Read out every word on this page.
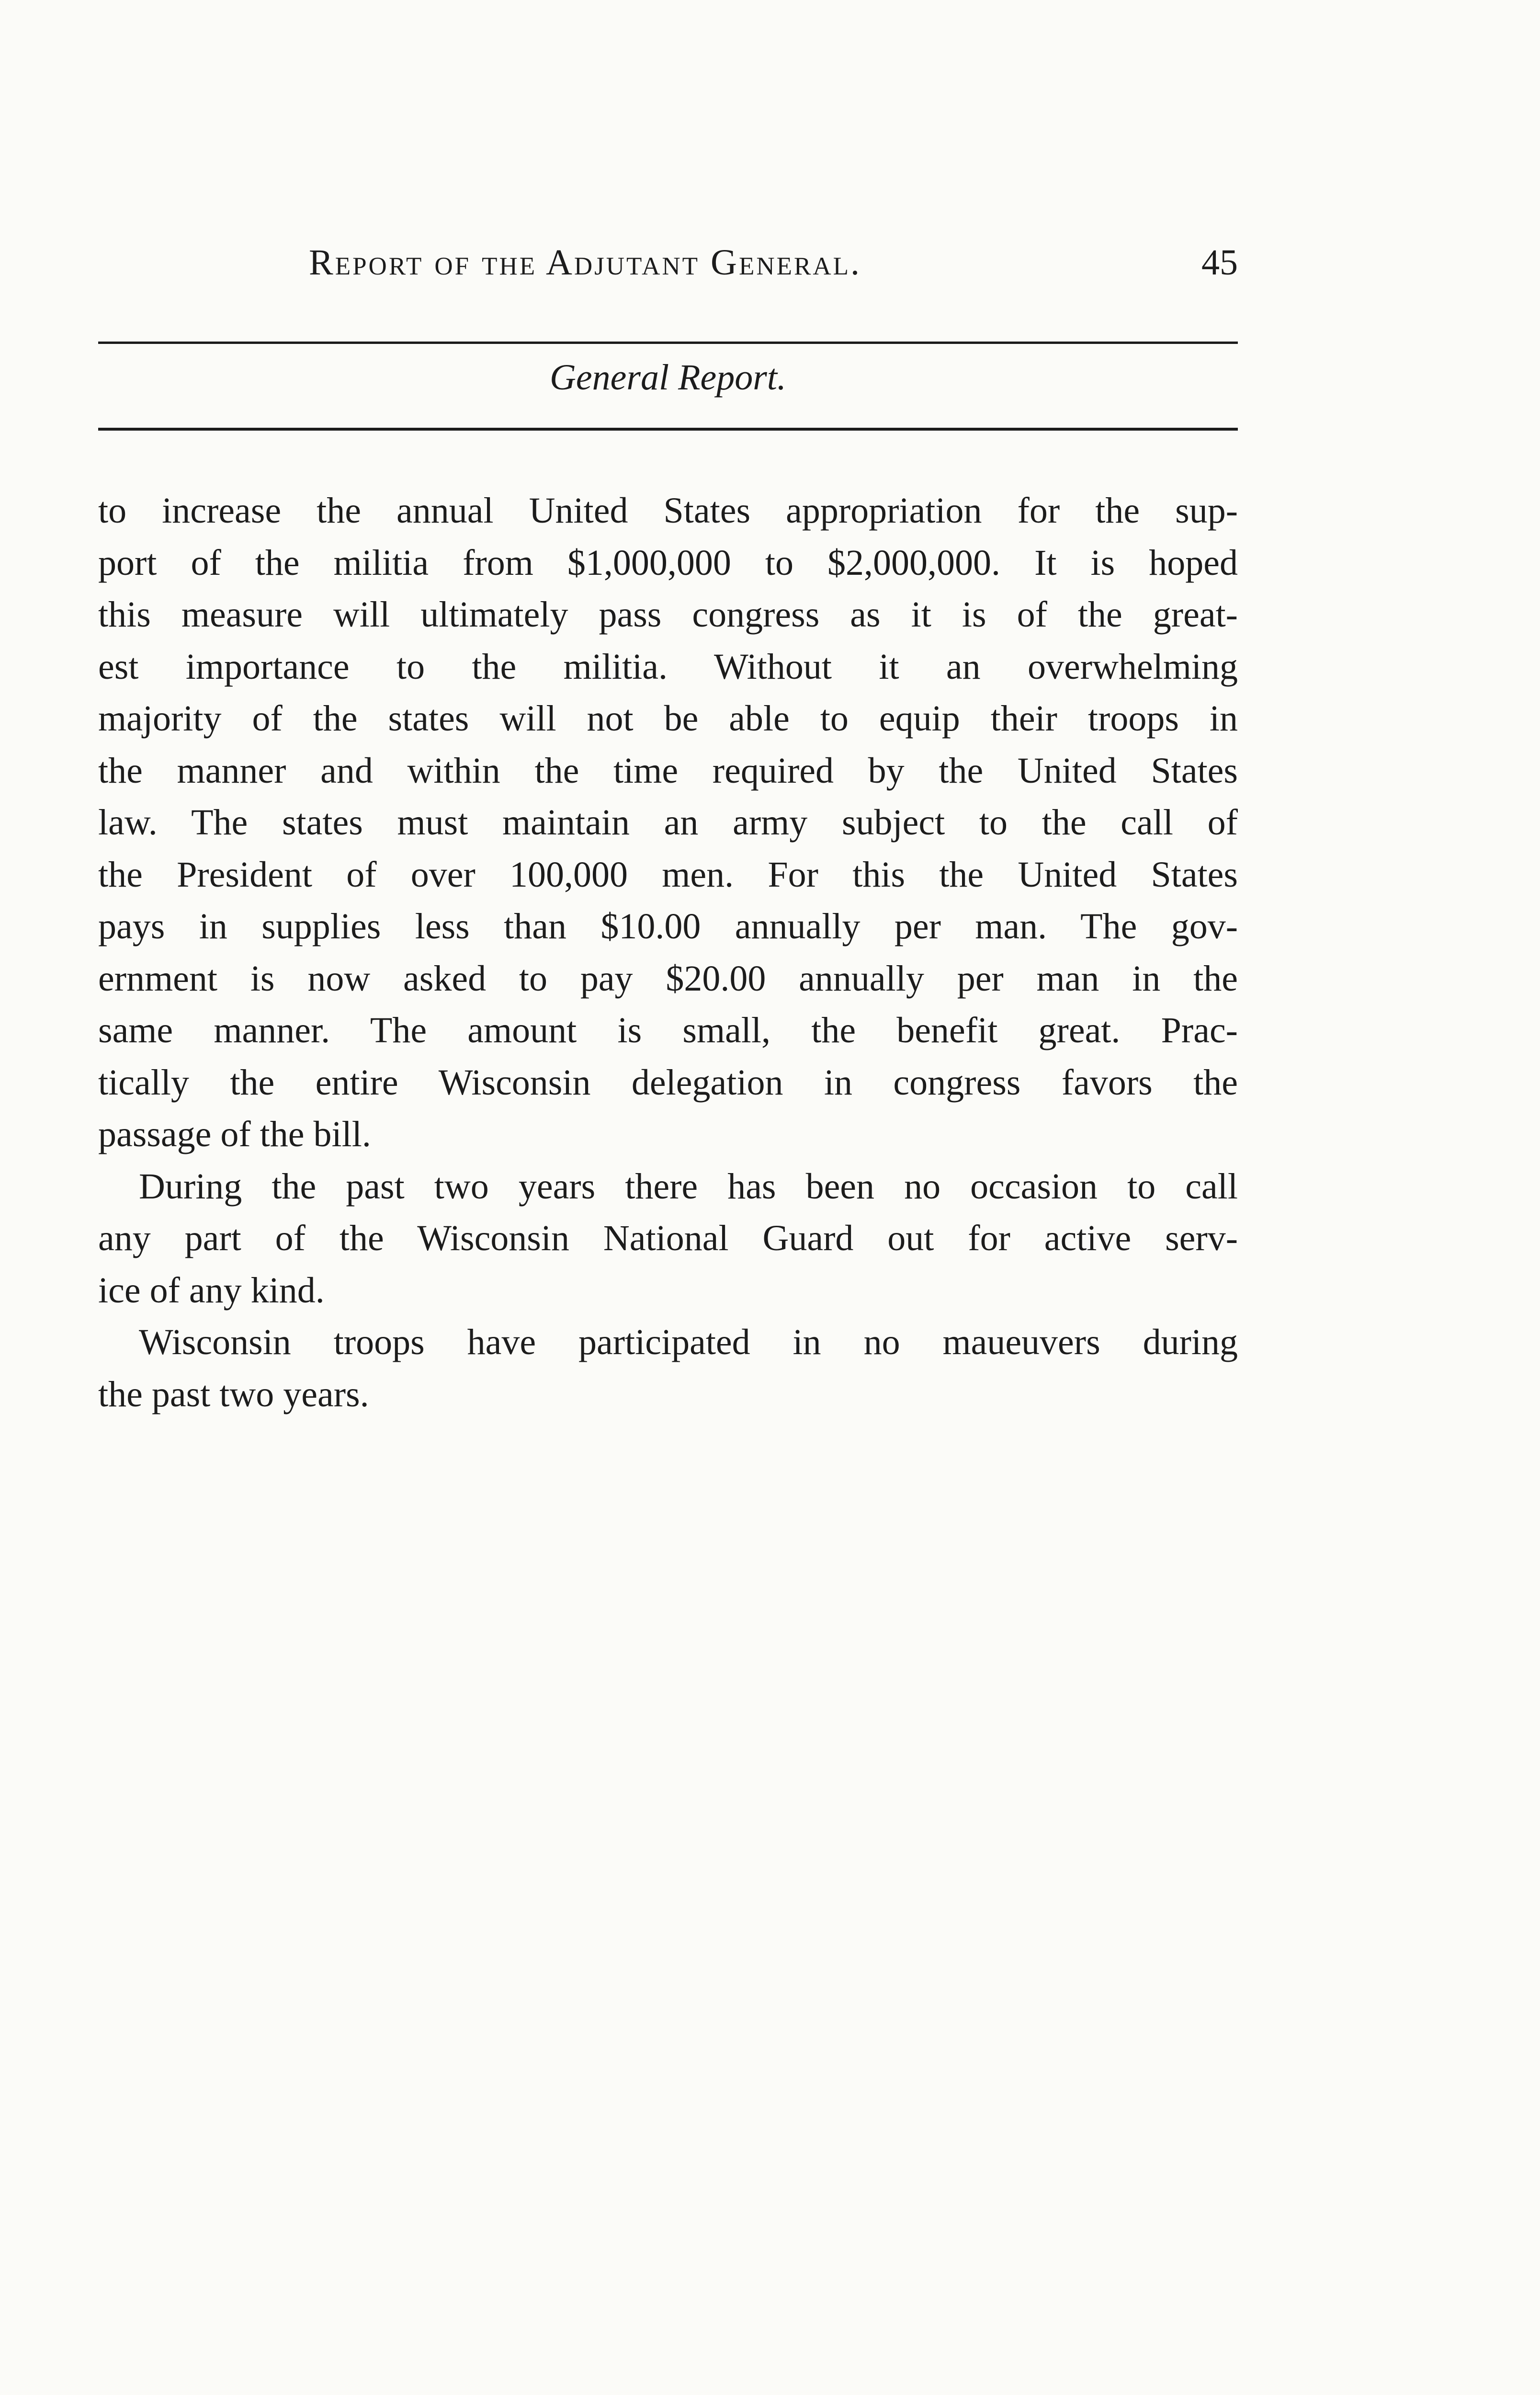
Report of the Adjutant General.	45
General Report.
to increase the annual United States appropriation for the sup-
port of the militia from $1,000,000 to $2,000,000. It is hoped
this measure will ultimately pass congress as it is of the great-
est importance to the militia. Without it an overwhelming
majority of the states will not be able to equip their troops in
the manner and within the time required by the United States
law. The states must maintain an army subject to the call of
the President of over 100,000 men. For this the United States
pays in supplies less than $10.00 annually per man. The gov-
ernment is now asked to pay $20.00 annually per man in the
same manner. The amount is small, the benefit great. Prac-
tically the entire Wisconsin delegation in congress favors the
passage of the bill.
During the past two years there has been no occasion to call
any part of the Wisconsin National Guard out for active serv-
ice of any kind.
Wisconsin troops have participated in no maueuvers during
the past two years.
